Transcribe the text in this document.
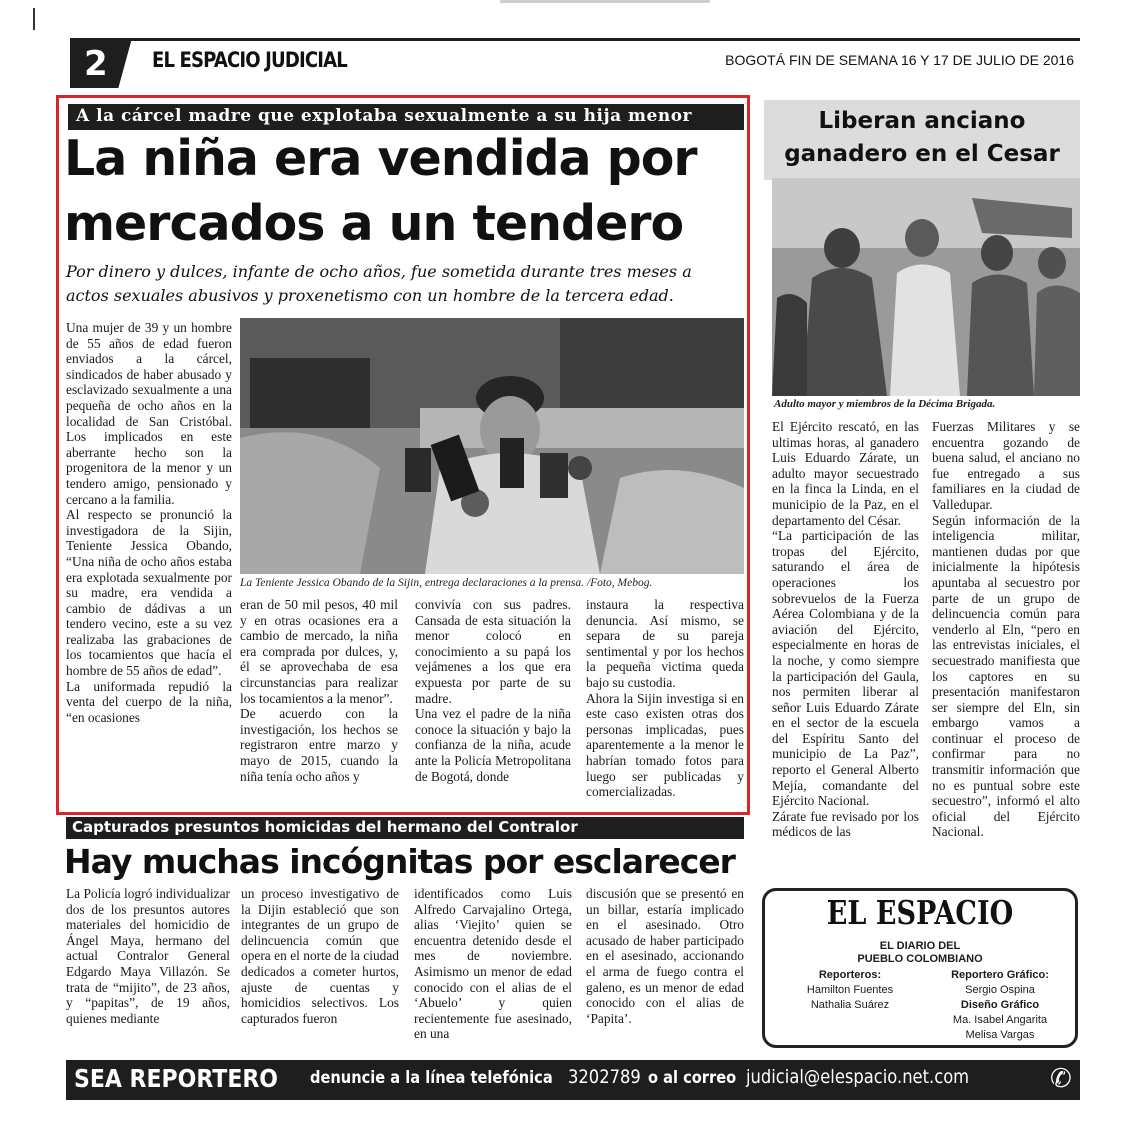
2 EL ESPACIO JUDICIAL	BOGOTÁ FIN DE SEMANA 16 Y 17 DE JULIO DE 2016
A la cárcel madre que explotaba sexualmente a su hija menor
La niña era vendida por
mercados a un tendero
Por dinero y dulces, infante de ocho años, fue sometida durante tres meses a
actos sexuales abusivos y proxenetismo con un hombre de la tercera edad.

Una mujer de 39 y un hombre de 55 años de edad fueron enviados a la cárcel, sindicados de haber abusado y esclavizado sexualmente a una pequeña de ocho años en la localidad de San Cristóbal. Los implicados en este aberrante hecho son la progenitora de la menor y un tendero amigo, pensionado y cercano a la familia.

Al respecto se pronunció la investigadora de la Sijin, Teniente Jessica Obando, “Una niña de ocho años estaba era explotada sexualmente por su madre, era vendida a cambio de dádivas a un tendero vecino, este a su vez realizaba las grabaciones de los tocamientos que hacía el hombre de 55 años de edad”.

La uniformada repudió la venta del cuerpo de la niña, “en ocasiones

La Teniente Jessica Obando de la Sijin, entrega declaraciones a la prensa. /Foto, Mebog.

eran de 50 mil pesos, 40 mil y en otras ocasiones era a cambio de mercado, la niña era comprada por dulces, y, él se aprovechaba de esa circunstancias para realizar los tocamientos a la menor”.

De acuerdo con la investigación, los hechos se registraron entre marzo y mayo de 2015, cuando la niña tenía ocho años y

convivía con sus padres. Cansada de esta situación la menor colocó en conocimiento a su papá los vejámenes a los que era expuesta por parte de su madre.

Una vez el padre de la niña conoce la situación y bajo la confianza de la niña, acude ante la Policía Metropolitana de Bogotá, donde

instaura la respectiva denuncia. Así mismo, se separa de su pareja sentimental y por los hechos la pequeña victima queda bajo su custodia.

Ahora la Sijin investiga si en este caso existen otras dos personas implicadas, pues aparentemente a la menor le habrían tomado fotos para luego ser publicadas y comercializadas.

Liberan anciano
ganadero en el Cesar
Adulto mayor y miembros de la Décima Brigada.

El Ejército rescató, en las ultimas horas, al ganadero Luis Eduardo Zárate, un adulto mayor secuestrado en la finca la Linda, en el municipio de la Paz, en el departamento del César.

“La participación de las tropas del Ejército, saturando el área de operaciones los sobrevuelos de la Fuerza Aérea Colombiana y de la aviación del Ejército, especialmente en horas de la noche, y como siempre la participación del Gaula, nos permiten liberar al señor Luis Eduardo Zárate en el sector de la escuela del Espíritu Santo del municipio de La Paz”, reporto el General Alberto Mejía, comandante del Ejército Nacional.

Zárate fue revisado por los médicos de las

Fuerzas Militares y se encuentra gozando de buena salud, el anciano no fue entregado a sus familiares en la ciudad de Valledupar.

Según información de la inteligencia militar, mantienen dudas por que inicialmente la hipótesis apuntaba al secuestro por parte de un grupo de delincuencia común para venderlo al Eln, “pero en las entrevistas iniciales, el secuestrado manifiesta que los captores en su presentación manifestaron ser siempre del Eln, sin embargo vamos a continuar el proceso de confirmar para no transmitir información que no es puntual sobre este secuestro”, informó el alto oficial del Ejército Nacional.

Capturados presuntos homicidas del hermano del Contralor
Hay muchas incógnitas por esclarecer

La Policía logró individualizar dos de los presuntos autores materiales del homicidio de Ángel Maya, hermano del actual Contralor General Edgardo Maya Villazón. Se trata de “mijito”, de 23 años, y “papitas”, de 19 años, quienes mediante

un proceso investigativo de la Dijin estableció que son integrantes de un grupo de delincuencia común que opera en el norte de la ciudad dedicados a cometer hurtos, ajuste de cuentas y homicidios selectivos. Los capturados fueron

identificados como Luis Alfredo Carvajalino Ortega, alias ‘Viejito’ quien se encuentra detenido desde el mes de noviembre. Asimismo un menor de edad conocido con el alias de el ‘Abuelo’ y quien recientemente fue asesinado, en una

discusión que se presentó en un billar, estaría implicado en el asesinado. Otro acusado de haber participado en el asesinado, accionando el arma de fuego contra el galeno, es un menor de edad conocido con el alias de ‘Papita’.

EL ESPACIO
EL DIARIO DEL
PUEBLO COLOMBIANO
Reporteros:
Hamilton Fuentes
Nathalia Suárez
Reportero Gráfico:
Sergio Ospina
Diseño Gráfico
Ma. Isabel Angarita
Melisa Vargas
SEA REPORTERO denuncie a la línea telefónica 3202789 o al correo judicial@elespacio.net.com	✆
